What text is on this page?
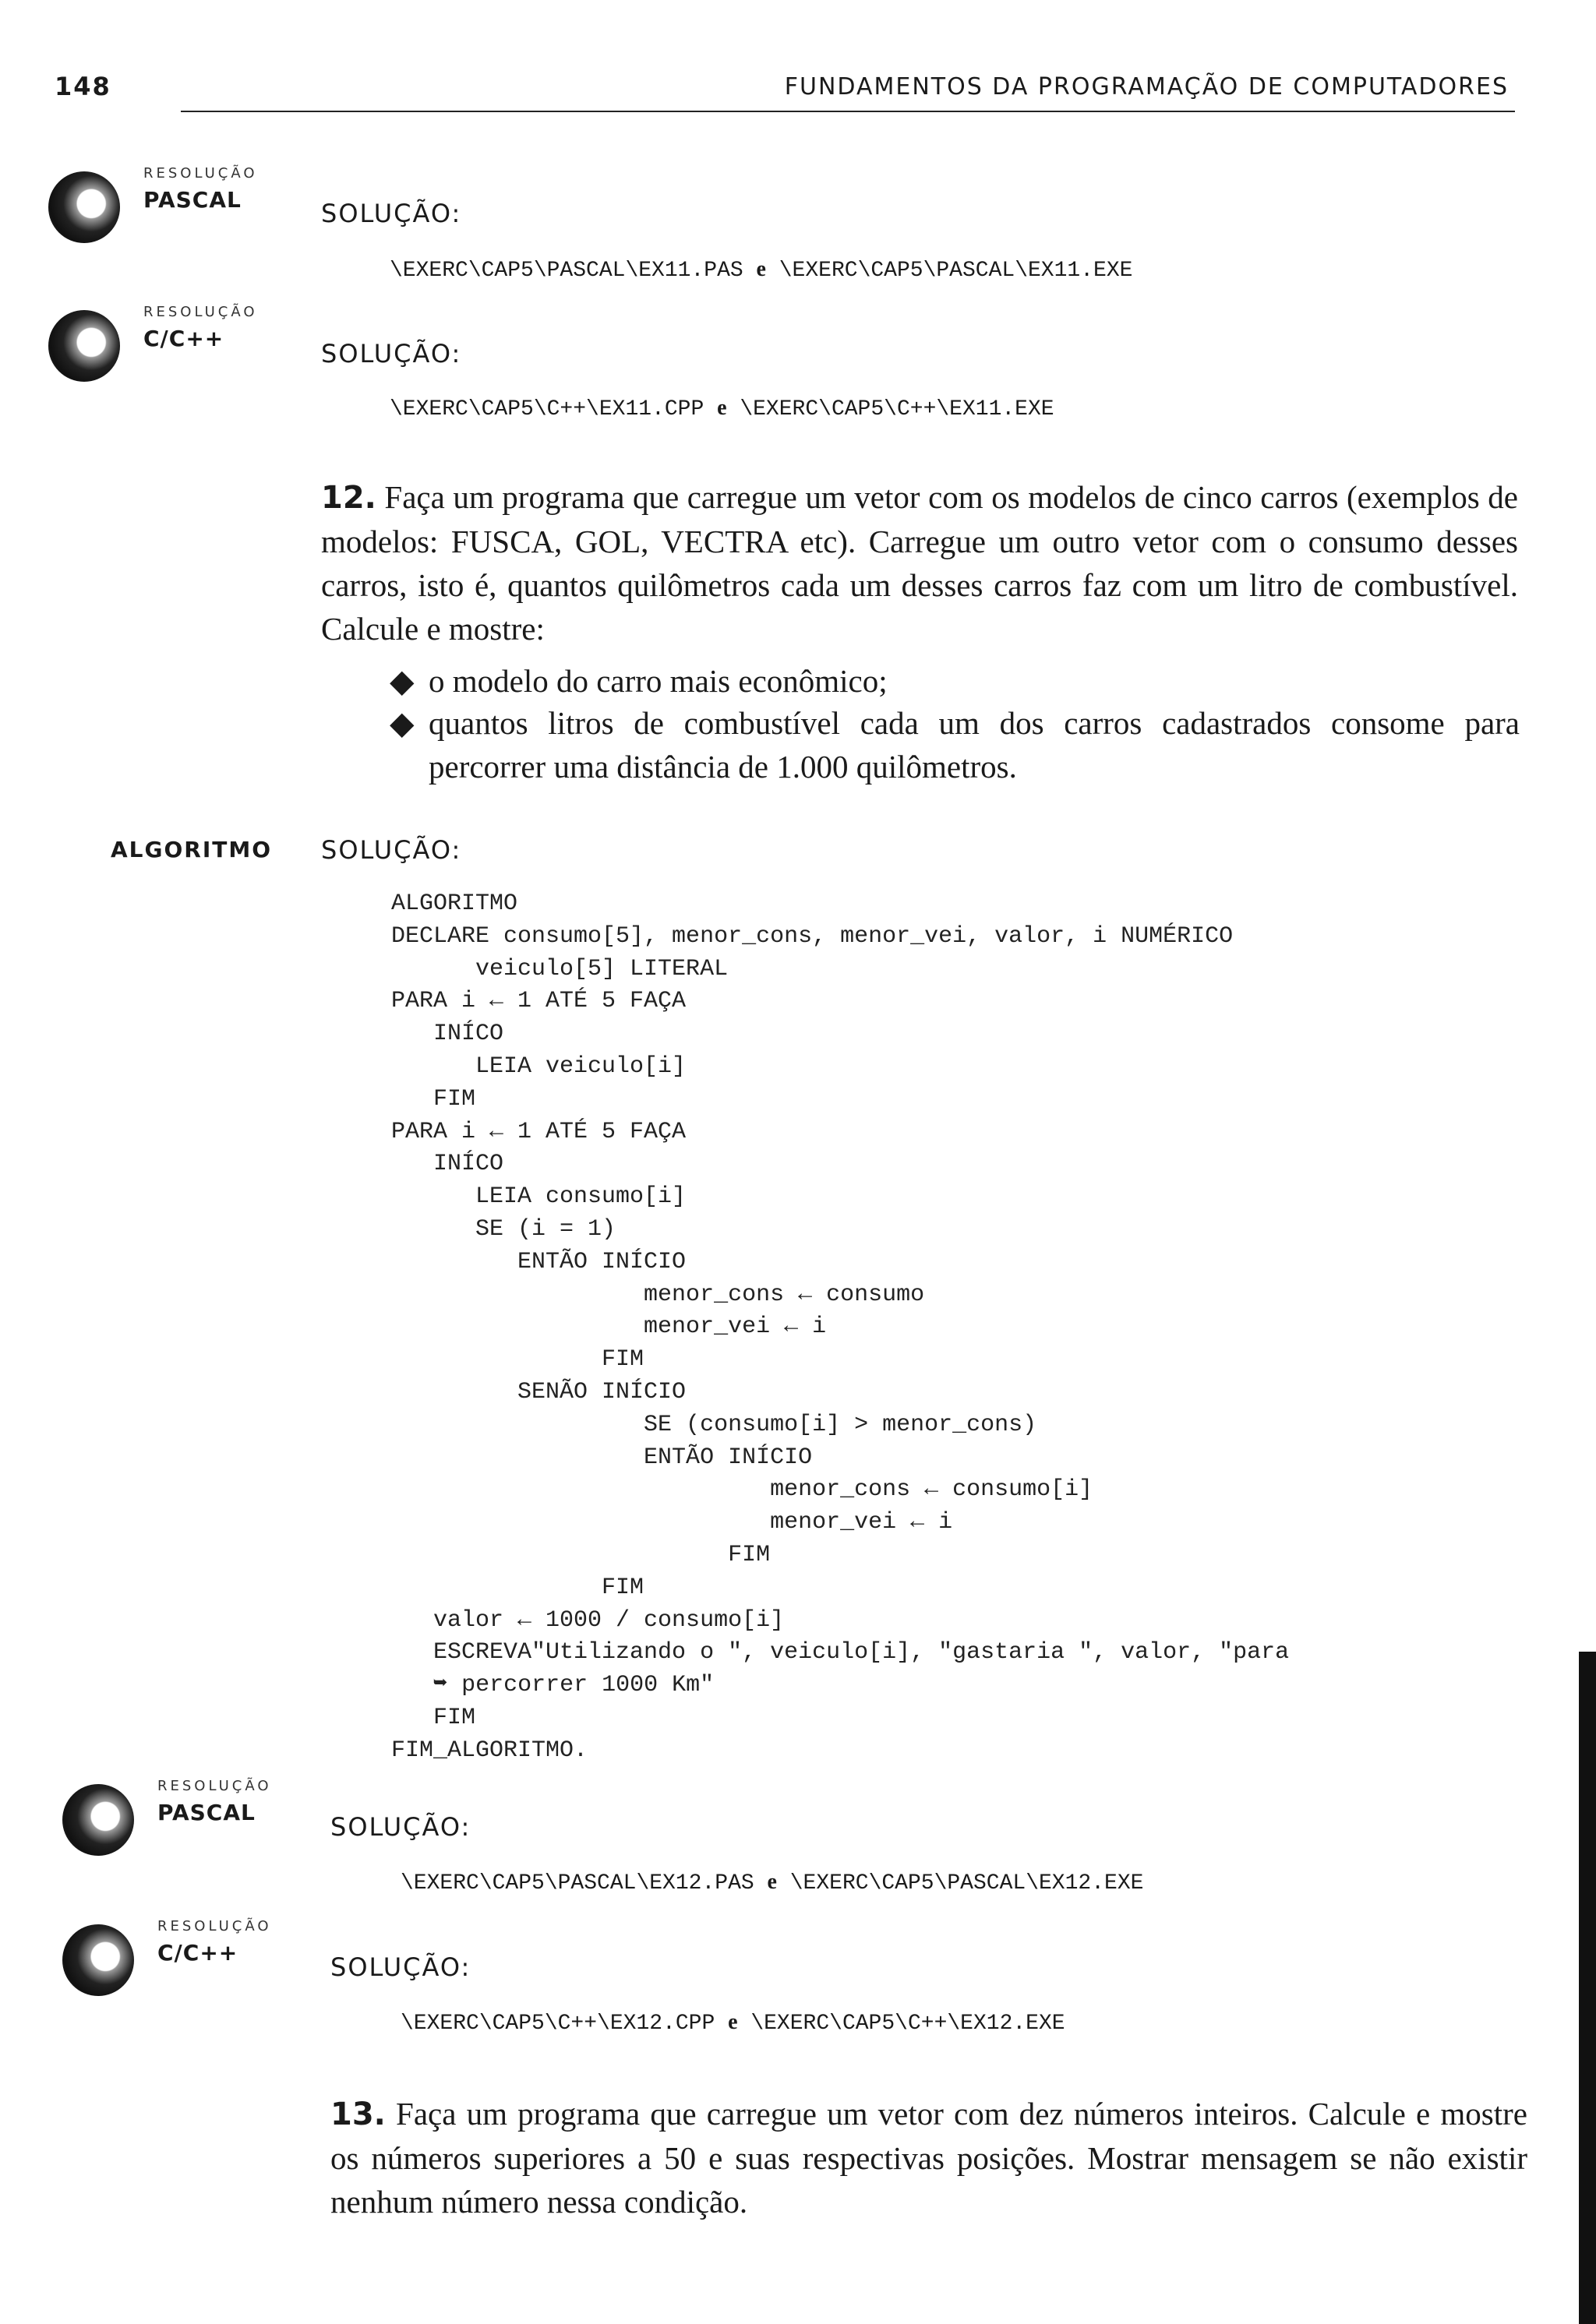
148	FUNDAMENTOS DA PROGRAMAÇÃO DE COMPUTADORES
RESOLUÇÃO
PASCAL	SOLUÇÃO:
\EXERC\CAP5\PASCAL\EX11.PAS e \EXERC\CAP5\PASCAL\EX11.EXE
RESOLUÇÃO
C/C++
SOLUÇÃO:
\EXERC\CAP5\C++\EX11.CPP e \EXERC\CAP5\C++\EX11.EXE
12. Faça um programa que carregue um vetor com os modelos de cinco carros (exemplos de modelos: FUSCA, GOL, VECTRA etc). Carregue um outro vetor com o consumo desses carros, isto é, quantos quilômetros cada um desses carros faz com um litro de combustível. Calcule e mostre:
◆ o modelo do carro mais econômico;
◆ quantos litros de combustível cada um dos carros cadastrados consome para percorrer uma distância de 1.000 quilômetros.
ALGORITMO SOLUÇÃO:
ALGORITMO
DECLARE consumo[5], menor_cons, menor_vei, valor, i NUMÉRICO
veiculo[5] LITERAL
PARA i ← 1 ATÉ 5 FAÇA
INÍCO
LEIA veiculo[i]
FIM
PARA i ← 1 ATÉ 5 FAÇA
INÍCO
LEIA consumo[i]
SE (i = 1)
ENTÃO INÍCIO
menor_cons ← consumo
menor_vei ← i
FIM
SENÃO INÍCIO
SE (consumo[i] > menor_cons)
ENTÃO INÍCIO
menor_cons ← consumo[i]
menor_vei ← i
FIM
FIM
valor ← 1000 / consumo[i]
ESCREVA"Utilizando o ", veiculo[i], "gastaria ", valor, "para
➥ percorrer 1000 Km"
FIM
FIM_ALGORITMO.
RESOLUÇÃO
PASCAL	SOLUÇÃO:
\EXERC\CAP5\PASCAL\EX12.PAS e \EXERC\CAP5\PASCAL\EX12.EXE
RESOLUÇÃO
C/C++	SOLUÇÃO:
\EXERC\CAP5\C++\EX12.CPP e \EXERC\CAP5\C++\EX12.EXE
13. Faça um programa que carregue um vetor com dez números inteiros. Calcule e mostre os números superiores a 50 e suas respectivas posições. Mostrar mensagem se não existir nenhum número nessa condição.
